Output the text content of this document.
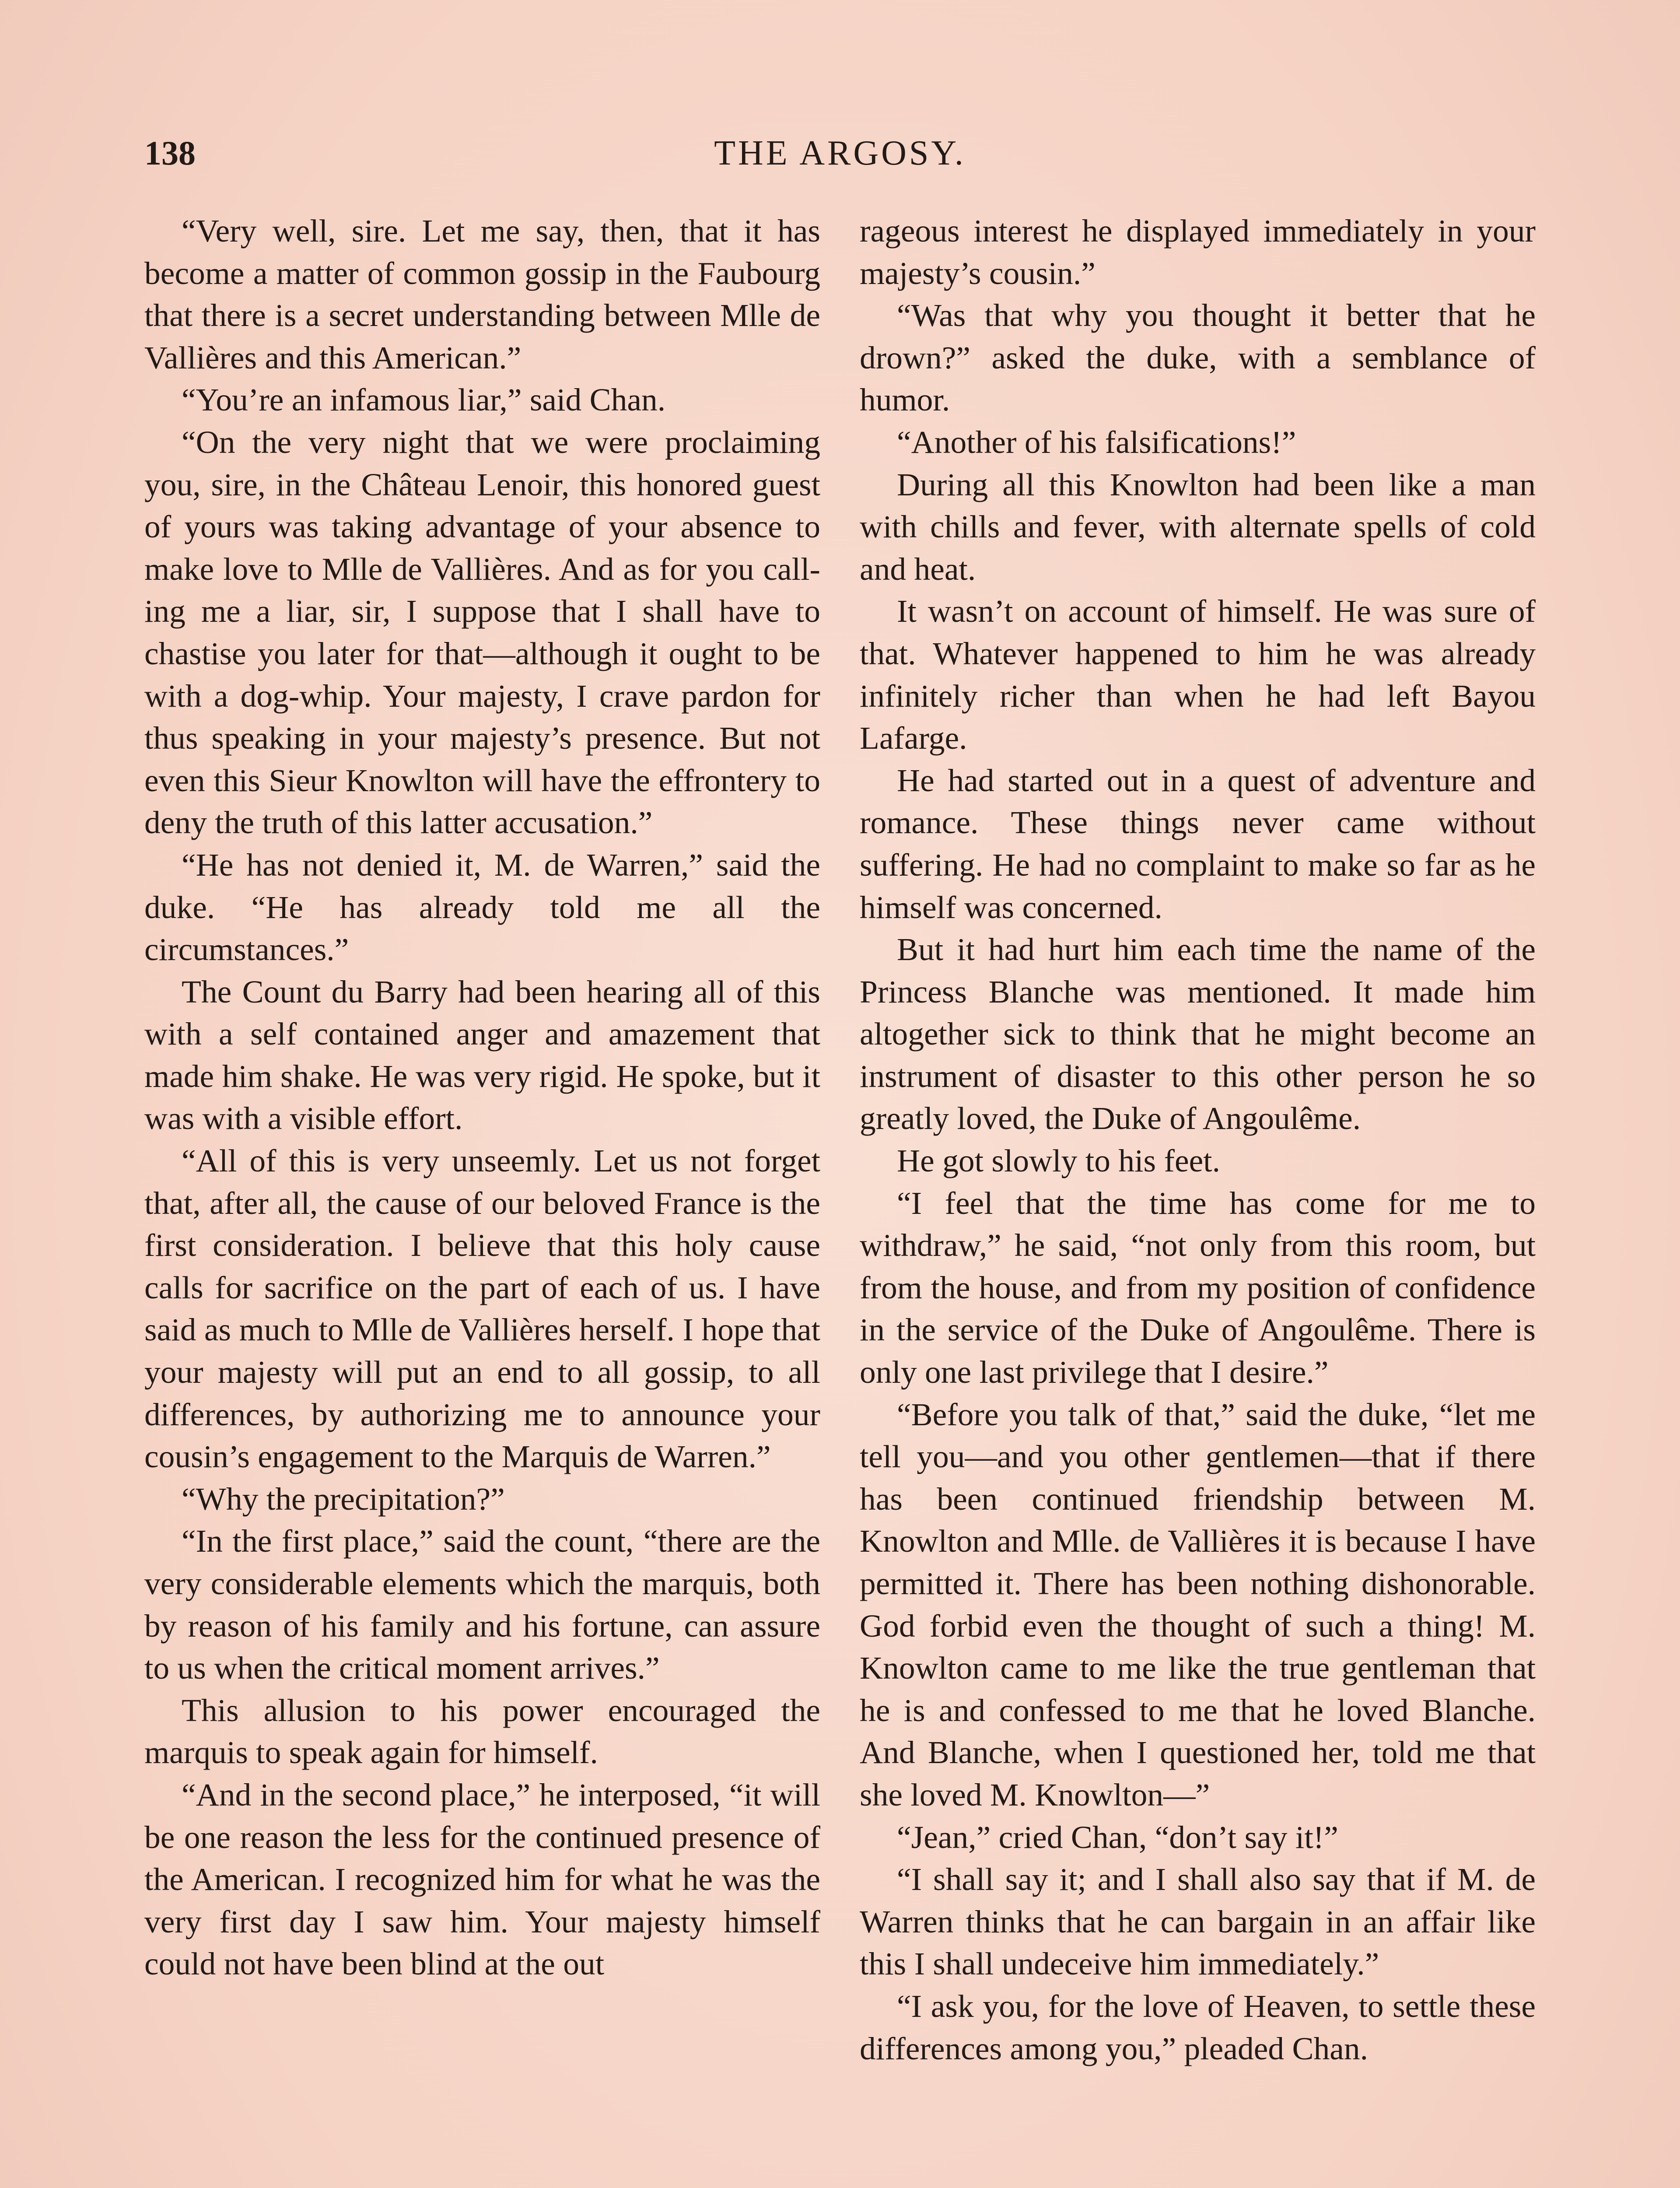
138	THE ARGOSY.

“Very well, sire. Let me say, then, that it has become a matter of common gossip in the Faubourg that there is a secret understanding between Mlle de Vallières and this American.”

“You’re an infamous liar,” said Chan.

“On the very night that we were proclaiming you, sire, in the Château Lenoir, this honored guest of yours was taking advantage of your absence to make love to Mlle de Vallières. And as for you calling me a liar, sir, I suppose that I shall have to chastise you later for that—although it ought to be with a dog-whip. Your majesty, I crave pardon for thus speaking in your majesty’s presence. But not even this Sieur Knowlton will have the effrontery to deny the truth of this latter accusation.”

“He has not denied it, M. de Warren,” said the duke. “He has already told me all the circumstances.”

The Count du Barry had been hearing all of this with a self contained anger and amazement that made him shake. He was very rigid. He spoke, but it was with a visible effort.

“All of this is very unseemly. Let us not forget that, after all, the cause of our beloved France is the first consideration. I believe that this holy cause calls for sacrifice on the part of each of us. I have said as much to Mlle de Vallières herself. I hope that your majesty will put an end to all gossip, to all differences, by authorizing me to announce your cousin’s engagement to the Marquis de Warren.”

“Why the precipitation?”

“In the first place,” said the count, “there are the very considerable elements which the marquis, both by reason of his family and his fortune, can assure to us when the critical moment arrives.”

This allusion to his power encouraged the marquis to speak again for himself.

“And in the second place,” he interposed, “it will be one reason the less for the continued presence of the American. I recognized him for what he was the very first day I saw him. Your majesty himself could not have been blind at the out

rageous interest he displayed immediately in your majesty’s cousin.”

“Was that why you thought it better that he drown?” asked the duke, with a semblance of humor.

“Another of his falsifications!”

During all this Knowlton had been like a man with chills and fever, with alternate spells of cold and heat.

It wasn’t on account of himself. He was sure of that. Whatever happened to him he was already infinitely richer than when he had left Bayou Lafarge.

He had started out in a quest of adventure and romance. These things never came without suffering. He had no complaint to make so far as he himself was concerned.

But it had hurt him each time the name of the Princess Blanche was mentioned. It made him altogether sick to think that he might become an instrument of disaster to this other person he so greatly loved, the Duke of Angoulême.

He got slowly to his feet.

“I feel that the time has come for me to withdraw,” he said, “not only from this room, but from the house, and from my position of confidence in the service of the Duke of Angoulême. There is only one last privilege that I desire.”

“Before you talk of that,” said the duke, “let me tell you—and you other gentlemen—that if there has been continued friendship between M. Knowlton and Mlle. de Vallières it is because I have permitted it. There has been nothing dishonorable. God forbid even the thought of such a thing! M. Knowlton came to me like the true gentleman that he is and confessed to me that he loved Blanche. And Blanche, when I questioned her, told me that she loved M. Knowlton—”

“Jean,” cried Chan, “don’t say it!”

“I shall say it; and I shall also say that if M. de Warren thinks that he can bargain in an affair like this I shall undeceive him immediately.”

“I ask you, for the love of Heaven, to settle these differences among you,” pleaded Chan.
